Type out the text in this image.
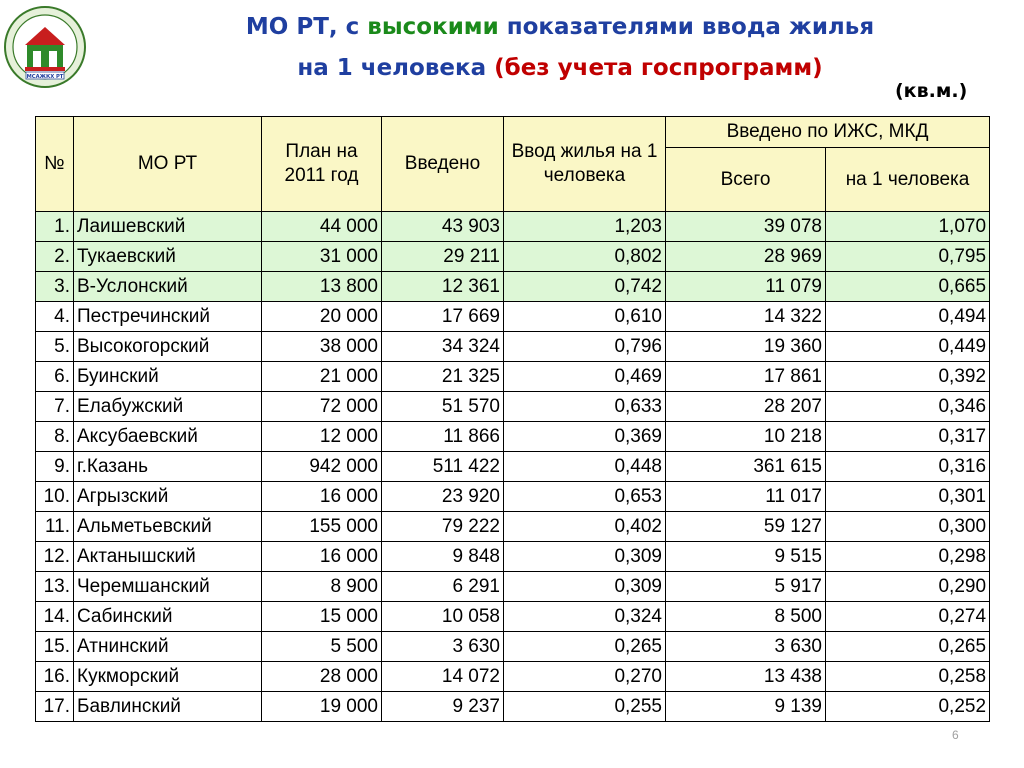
МСАЖКХ РТ
МО РТ, с высокими показателями ввода жилья
на 1 человека (без учета госпрограмм)
(кв.м.)
№	МО РТ	План на 2011 год	Введено	Ввод жилья на 1 человека	Введено по ИЖС, МКД	
					Всего	на 1 человека
1.	Лаишевский	44 000	43 903	1,203	39 078	1,070
2.	Тукаевский	31 000	29 211	0,802	28 969	0,795
3.	В-Услонский	13 800	12 361	0,742	11 079	0,665
4.	Пестречинский	20 000	17 669	0,610	14 322	0,494
5.	Высокогорский	38 000	34 324	0,796	19 360	0,449
6.	Буинский	21 000	21 325	0,469	17 861	0,392
7.	Елабужский	72 000	51 570	0,633	28 207	0,346
8.	Аксубаевский	12 000	11 866	0,369	10 218	0,317
9.	г.Казань	942 000	511 422	0,448	361 615	0,316
10.	Агрызский	16 000	23 920	0,653	11 017	0,301
11.	Альметьевский	155 000	79 222	0,402	59 127	0,300
12.	Актанышский	16 000	9 848	0,309	9 515	0,298
13.	Черемшанский	8 900	6 291	0,309	5 917	0,290
14.	Сабинский	15 000	10 058	0,324	8 500	0,274
15.	Атнинский	5 500	3 630	0,265	3 630	0,265
16.	Кукморский	28 000	14 072	0,270	13 438	0,258
17.	Бавлинский	19 000	9 237	0,255	9 139	0,252
6
